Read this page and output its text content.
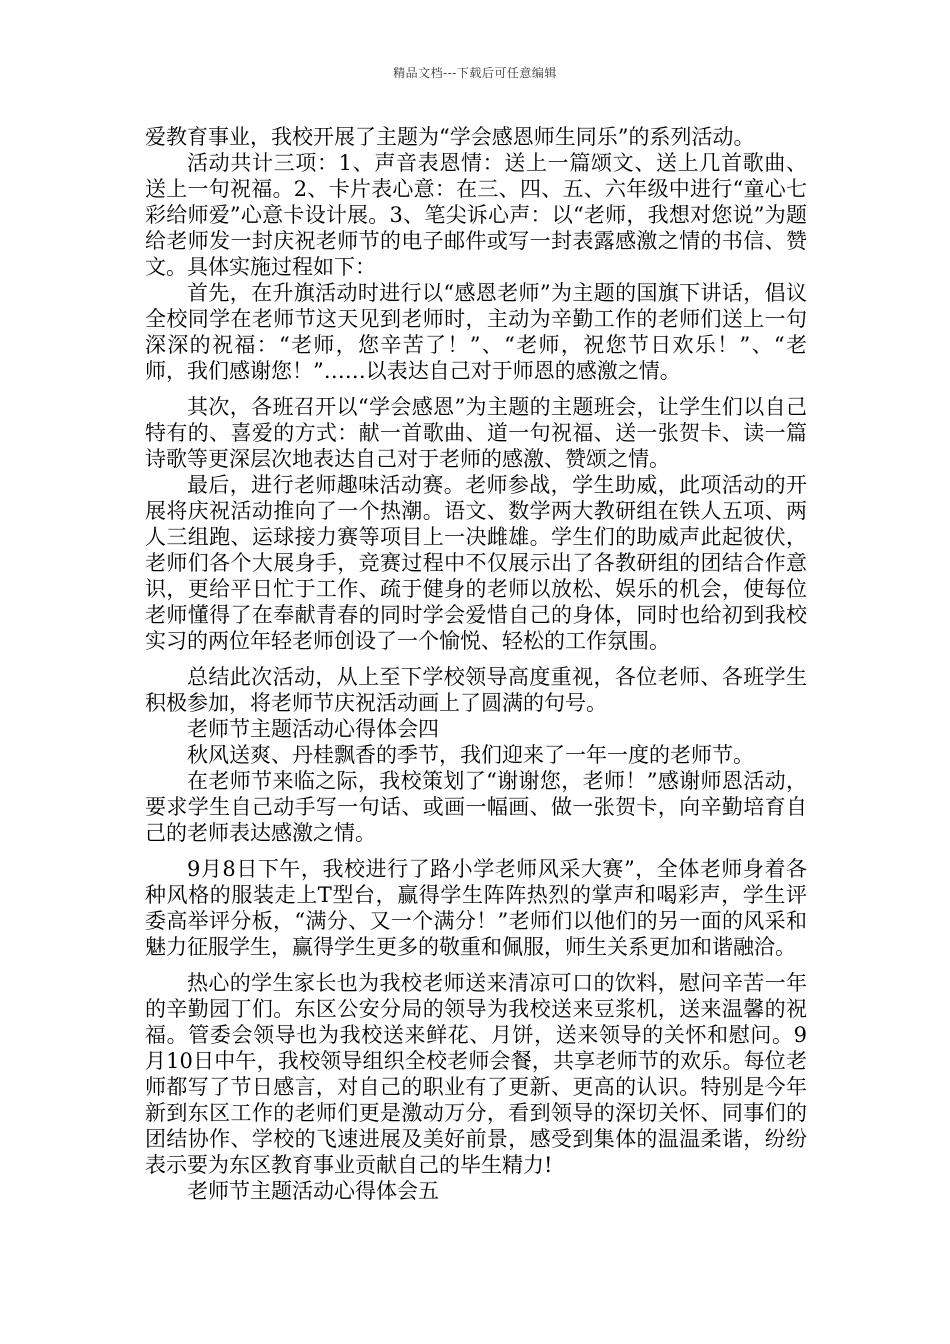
精品文档---下载后可任意编辑

爱教育事业，我校开展了主题为“学会感恩师生同乐”的系列活动。

活动共计三项：1、声音表恩情：送上一篇颂文、送上几首歌曲、送上一句祝福。2、卡片表心意：在三、四、五、六年级中进行“童心七彩给师爱”心意卡设计展。3、笔尖诉心声：以“老师，我想对您说”为题给老师发一封庆祝老师节的电子邮件或写一封表露感激之情的书信、赞文。具体实施过程如下：

首先，在升旗活动时进行以“感恩老师”为主题的国旗下讲话，倡议全校同学在老师节这天见到老师时，主动为辛勤工作的老师们送上一句深深的祝福：“老师，您辛苦了！”、“老师，祝您节日欢乐！”、“老师，我们感谢您！”……以表达自己对于师恩的感激之情。

其次，各班召开以“学会感恩”为主题的主题班会，让学生们以自己特有的、喜爱的方式：献一首歌曲、道一句祝福、送一张贺卡、读一篇诗歌等更深层次地表达自己对于老师的感激、赞颂之情。

最后，进行老师趣味活动赛。老师参战，学生助威，此项活动的开展将庆祝活动推向了一个热潮。语文、数学两大教研组在铁人五项、两人三组跑、运球接力赛等项目上一决雌雄。学生们的助威声此起彼伏，老师们各个大展身手，竞赛过程中不仅展示出了各教研组的团结合作意识，更给平日忙于工作、疏于健身的老师以放松、娱乐的机会，使每位老师懂得了在奉献青春的同时学会爱惜自己的身体，同时也给初到我校实习的两位年轻老师创设了一个愉悦、轻松的工作氛围。

总结此次活动，从上至下学校领导高度重视，各位老师、各班学生积极参加，将老师节庆祝活动画上了圆满的句号。

老师节主题活动心得体会四

秋风送爽、丹桂飘香的季节，我们迎来了一年一度的老师节。

在老师节来临之际，我校策划了“谢谢您，老师！”感谢师恩活动，要求学生自己动手写一句话、或画一幅画、做一张贺卡，向辛勤培育自己的老师表达感激之情。

9月8日下午，我校进行了路小学老师风采大赛”，全体老师身着各种风格的服装走上T型台，赢得学生阵阵热烈的掌声和喝彩声，学生评委高举评分板，“满分、又一个满分！”老师们以他们的另一面的风采和魅力征服学生，赢得学生更多的敬重和佩服，师生关系更加和谐融洽。

热心的学生家长也为我校老师送来清凉可口的饮料，慰问辛苦一年的辛勤园丁们。东区公安分局的领导为我校送来豆浆机，送来温馨的祝福。管委会领导也为我校送来鲜花、月饼，送来领导的关怀和慰问。9月10日中午，我校领导组织全校老师会餐，共享老师节的欢乐。每位老师都写了节日感言，对自己的职业有了更新、更高的认识。特别是今年新到东区工作的老师们更是激动万分，看到领导的深切关怀、同事们的团结协作、学校的飞速进展及美好前景，感受到集体的温温柔谐，纷纷表示要为东区教育事业贡献自己的毕生精力!

老师节主题活动心得体会五
